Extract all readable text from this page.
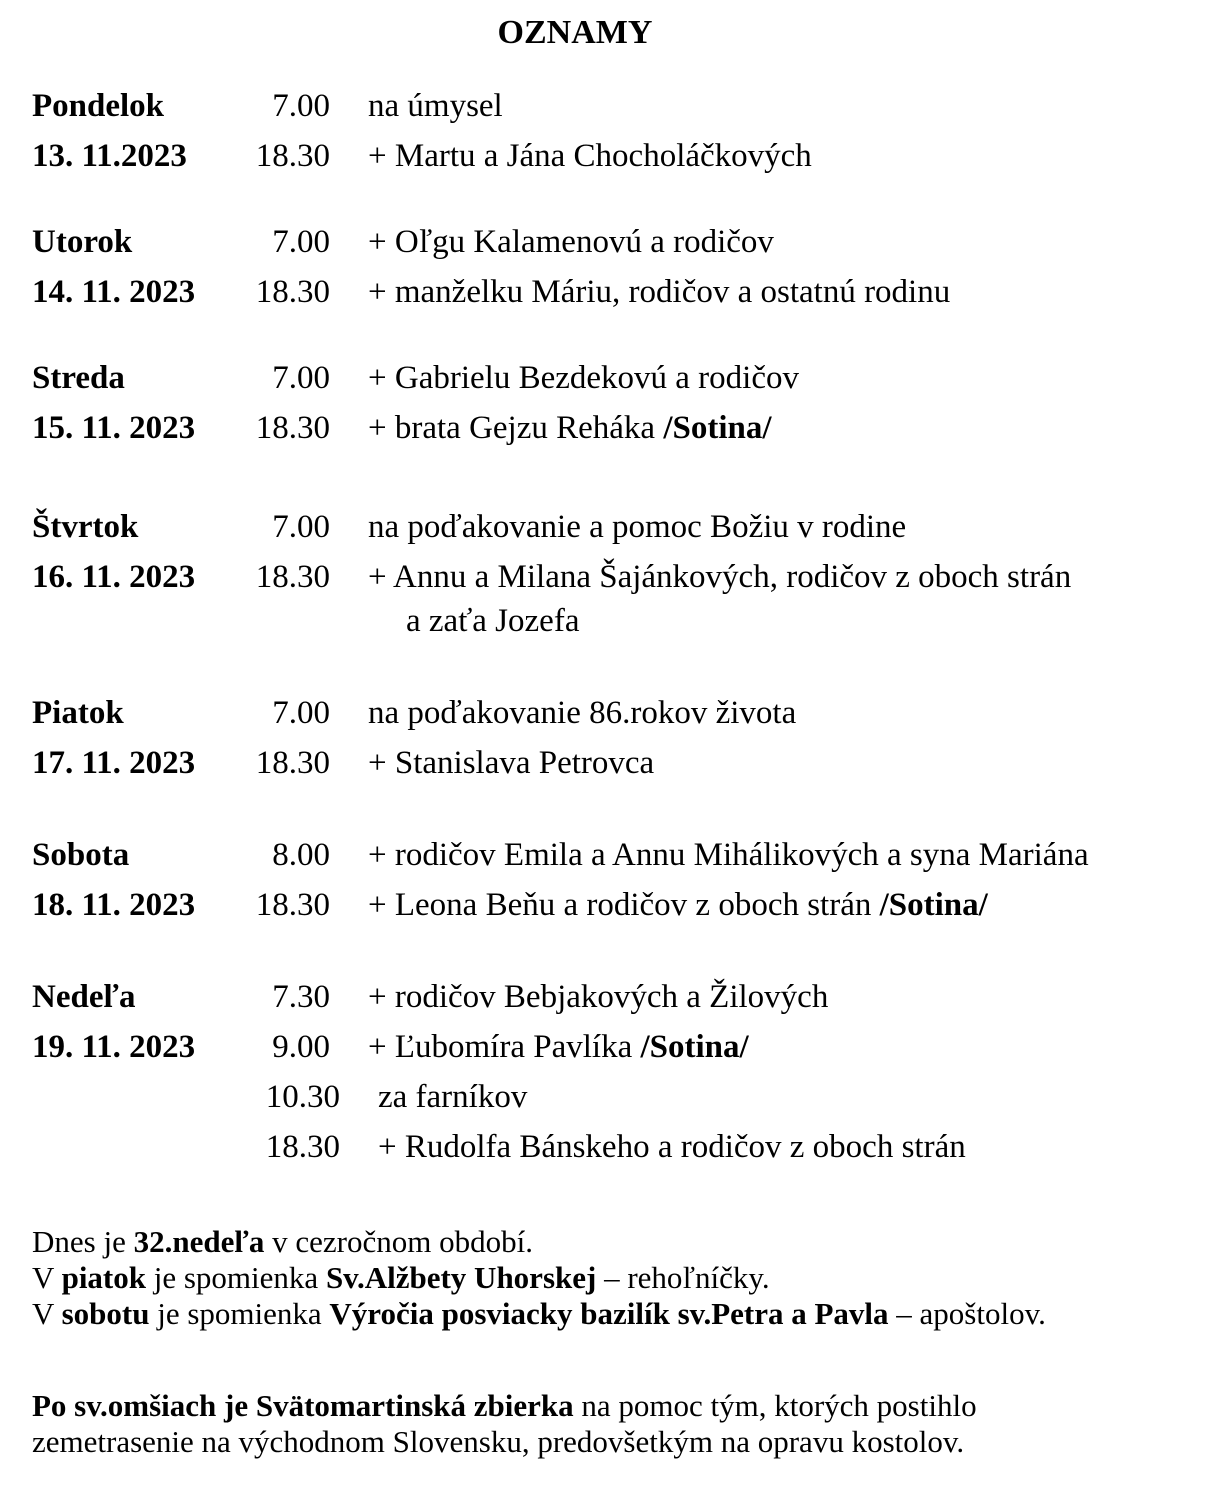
OZNAMY
Pondelok	7.00 na úmysel
13. 11.2023	18.30 + Martu a Jána Chocholáčkových
Utorok	7.00 + Oľgu Kalamenovú a rodičov
14. 11. 2023	18.30 + manželku Máriu, rodičov a ostatnú rodinu
Streda	7.00 + Gabrielu Bezdekovú a rodičov
15. 11. 2023	18.30 + brata Gejzu Reháka /Sotina/
Štvrtok	7.00 na poďakovanie a pomoc Božiu v rodine
16. 11. 2023	18.30 + Annu a Milana Šajánkových, rodičov z oboch strán
a zaťa Jozefa
Piatok	7.00 na poďakovanie 86.rokov života
17. 11. 2023	18.30 + Stanislava Petrovca
Sobota	8.00 + rodičov Emila a Annu Mihálikových a syna Mariána
18. 11. 2023	18.30 + Leona Beňu a rodičov z oboch strán /Sotina/
Nedeľa	7.30 + rodičov Bebjakových a Žilových
19. 11. 2023	9.00 + Ľubomíra Pavlíka /Sotina/
10.30 za farníkov
18.30 + Rudolfa Bánskeho a rodičov z oboch strán
Dnes je 32.nedeľa v cezročnom období.
V piatok je spomienka Sv.Alžbety Uhorskej – rehoľníčky.
V sobotu je spomienka Výročia posviacky bazilík sv.Petra a Pavla – apoštolov.
Po sv.omšiach je Svätomartinská zbierka na pomoc tým, ktorých postihlo
zemetrasenie na východnom Slovensku, predovšetkým na opravu kostolov.
